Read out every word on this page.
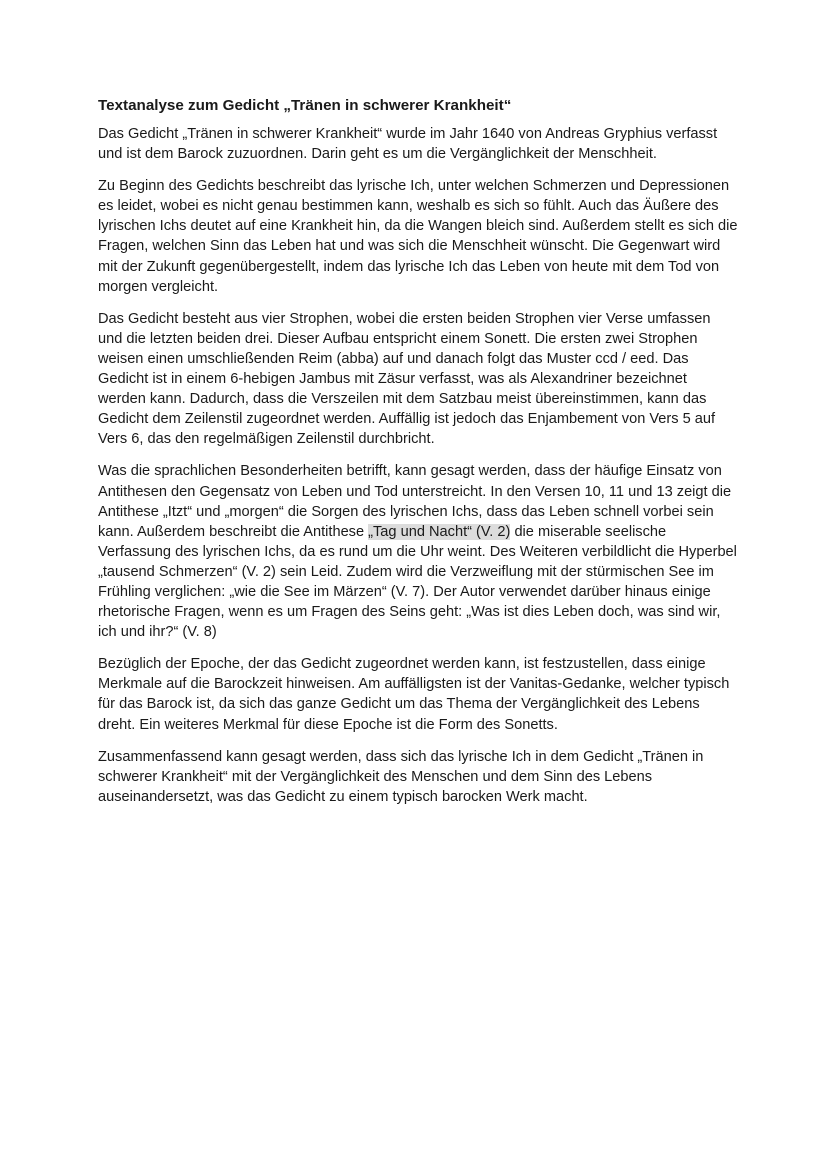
Textanalyse zum Gedicht „Tränen in schwerer Krankheit“

Das Gedicht „Tränen in schwerer Krankheit“ wurde im Jahr 1640 von Andreas Gryphius verfasst und ist dem Barock zuzuordnen. Darin geht es um die Vergänglichkeit der Menschheit.

Zu Beginn des Gedichts beschreibt das lyrische Ich, unter welchen Schmerzen und Depressionen es leidet, wobei es nicht genau bestimmen kann, weshalb es sich so fühlt. Auch das Äußere des lyrischen Ichs deutet auf eine Krankheit hin, da die Wangen bleich sind. Außerdem stellt es sich die Fragen, welchen Sinn das Leben hat und was sich die Menschheit wünscht. Die Gegenwart wird mit der Zukunft gegenübergestellt, indem das lyrische Ich das Leben von heute mit dem Tod von morgen vergleicht.

Das Gedicht besteht aus vier Strophen, wobei die ersten beiden Strophen vier Verse umfassen und die letzten beiden drei. Dieser Aufbau entspricht einem Sonett. Die ersten zwei Strophen weisen einen umschließenden Reim (abba) auf und danach folgt das Muster ccd / eed. Das Gedicht ist in einem 6-hebigen Jambus mit Zäsur verfasst, was als Alexandriner bezeichnet werden kann. Dadurch, dass die Verszeilen mit dem Satzbau meist übereinstimmen, kann das Gedicht dem Zeilenstil zugeordnet werden. Auffällig ist jedoch das Enjambement von Vers 5 auf Vers 6, das den regelmäßigen Zeilenstil durchbricht.

Was die sprachlichen Besonderheiten betrifft, kann gesagt werden, dass der häufige Einsatz von Antithesen den Gegensatz von Leben und Tod unterstreicht. In den Versen 10, 11 und 13 zeigt die Antithese „Itzt“ und „morgen“ die Sorgen des lyrischen Ichs, dass das Leben schnell vorbei sein kann. Außerdem beschreibt die Antithese „Tag und Nacht“ (V. 2) die miserable seelische Verfassung des lyrischen Ichs, da es rund um die Uhr weint. Des Weiteren verbildlicht die Hyperbel „tausend Schmerzen“ (V. 2) sein Leid. Zudem wird die Verzweiflung mit der stürmischen See im Frühling verglichen: „wie die See im Märzen“ (V. 7). Der Autor verwendet darüber hinaus einige rhetorische Fragen, wenn es um Fragen des Seins geht: „Was ist dies Leben doch, was sind wir, ich und ihr?“ (V. 8)

Bezüglich der Epoche, der das Gedicht zugeordnet werden kann, ist festzustellen, dass einige Merkmale auf die Barockzeit hinweisen. Am auffälligsten ist der Vanitas-Gedanke, welcher typisch für das Barock ist, da sich das ganze Gedicht um das Thema der Vergänglichkeit des Lebens dreht. Ein weiteres Merkmal für diese Epoche ist die Form des Sonetts.

Zusammenfassend kann gesagt werden, dass sich das lyrische Ich in dem Gedicht „Tränen in schwerer Krankheit“ mit der Vergänglichkeit des Menschen und dem Sinn des Lebens auseinandersetzt, was das Gedicht zu einem typisch barocken Werk macht.
